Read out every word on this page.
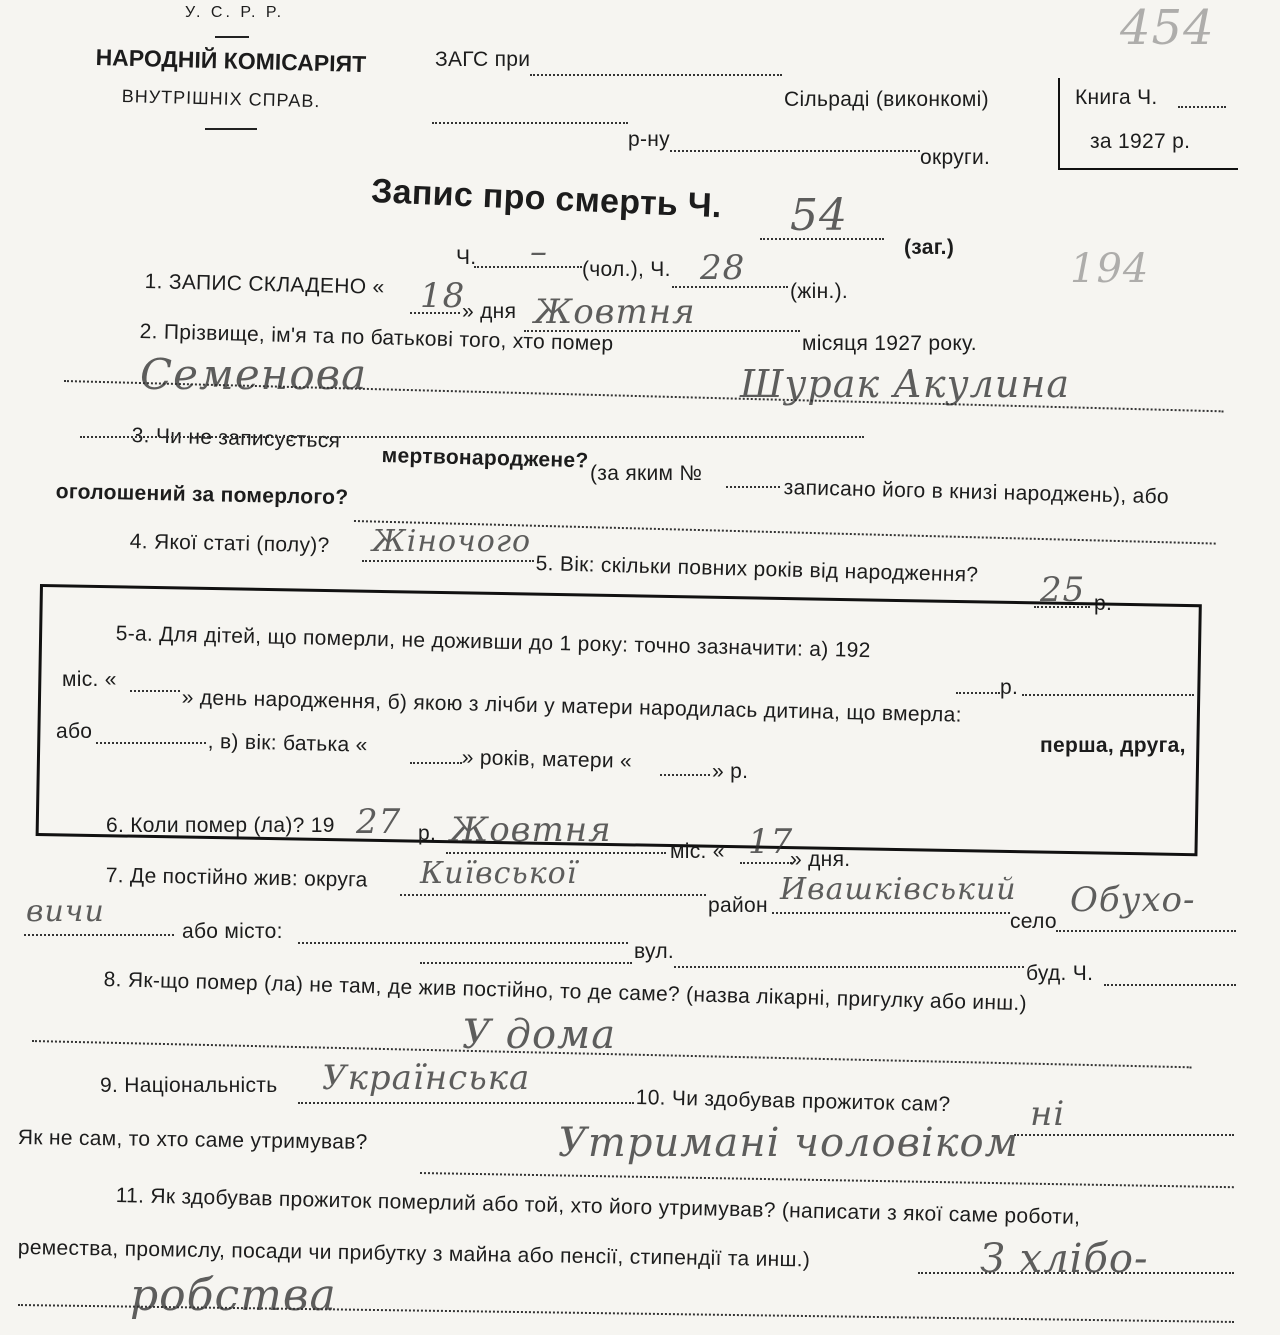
У. С. Р. Р.
НАРОДНІЙ КОМІСАРІЯТ
ВНУТРІШНІХ СПРАВ.
ЗАГС при
Сільраді (виконкомі)
р-ну
округи.
Книга Ч.
за 1927 р.
454
194
Запис про смерть Ч. 54
(заг.)
Ч. – (чол.), Ч. 28
(жін.).
1. ЗАПИС СКЛАДЕНО « 18
» дня Жовтня
місяця 1927 року.
2. Прізвище, ім'я та по батькові того, хто помер
Семенова	Шурак Акулина
3. Чи не записується
мертвонароджене?
(за яким №
записано його в книзі народжень), або
оголошений за померлого?
4. Якої статі (полу)? Жіночого
5. Вік: скільки повних років від народження?
25 р.
5-а. Для дітей, що померли, не доживши до 1 року: точно зазначити: а) 192
р.
міс. «
» день народження, б) якою з лічби у матери народилась дитина, що вмерла:
перша, друга,
або	, в) вік: батька «
» років, матери «	» р.
6. Коли помер (ла)? 19 27 р. Жовтня
міс. « 17
» дня.
7. Де постійно жив: округа Київської
район Ивашківський
село
Обухо-
вичи
або місто:
вул.
буд. Ч.
8. Як-що помер (ла) не там, де жив постійно, то де саме? (назва лікарні, пригулку або инш.)
У дома
9. Національність Українська
10. Чи здобував прожиток сам? ні
Як не сам, то хто саме утримував?	Утримані чоловіком
11. Як здобував прожиток померлий або той, хто його утримував? (написати з якої саме роботи,
ремества, промислу, посади чи прибутку з майна або пенсії, стипендії та инш.)	З хлібо-
робства
